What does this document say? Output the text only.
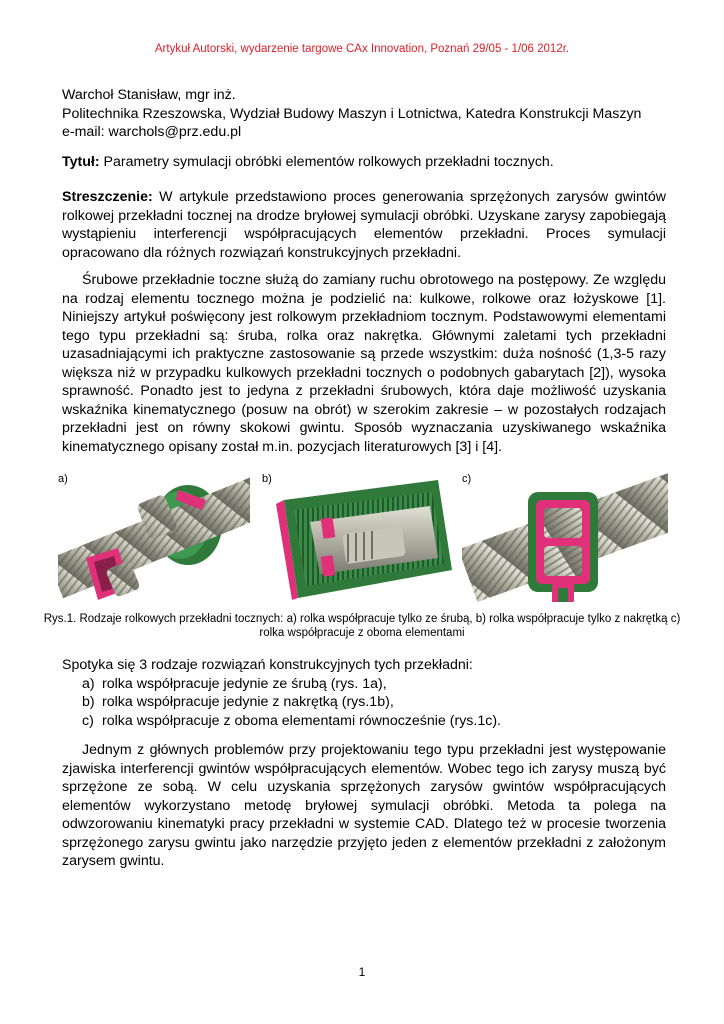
Artykuł Autorski, wydarzenie targowe CAx Innovation, Poznań 29/05 - 1/06 2012r.
Warchoł Stanisław, mgr inż.
Politechnika Rzeszowska, Wydział Budowy Maszyn i Lotnictwa, Katedra Konstrukcji Maszyn
e-mail: warchols@prz.edu.pl
Tytuł: Parametry symulacji obróbki elementów rolkowych przekładni tocznych.
Streszczenie: W artykule przedstawiono proces generowania sprzężonych zarysów gwintów rolkowej przekładni tocznej na drodze bryłowej symulacji obróbki. Uzyskane zarysy zapobiegają wystąpieniu interferencji współpracujących elementów przekładni. Proces symulacji opracowano dla różnych rozwiązań konstrukcyjnych przekładni.
Śrubowe przekładnie toczne służą do zamiany ruchu obrotowego na postępowy. Ze względu na rodzaj elementu tocznego można je podzielić na: kulkowe, rolkowe oraz łożyskowe [1]. Niniejszy artykuł poświęcony jest rolkowym przekładniom tocznym. Podstawowymi elementami tego typu przekładni są: śruba, rolka oraz nakrętka. Głównymi zaletami tych przekładni uzasadniającymi ich praktyczne zastosowanie są przede wszystkim: duża nośność (1,3-5 razy większa niż w przypadku kulkowych przekładni tocznych o podobnych gabarytach [2]), wysoka sprawność. Ponadto jest to jedyna z przekładni śrubowych, która daje możliwość uzyskania wskaźnika kinematycznego (posuw na obrót) w szerokim zakresie – w pozostałych rodzajach przekładni jest on równy skokowi gwintu. Sposób wyznaczania uzyskiwanego wskaźnika kinematycznego opisany został m.in. pozycjach literaturowych [3] i [4].
a)	b)	c)
Rys.1. Rodzaje rolkowych przekładni tocznych: a) rolka współpracuje tylko ze śrubą, b) rolka współpracuje tylko z nakrętką c) rolka współpracuje z oboma elementami
Spotyka się 3 rodzaje rozwiązań konstrukcyjnych tych przekładni:
a) rolka współpracuje jedynie ze śrubą (rys. 1a),
b) rolka współpracuje jedynie z nakrętką (rys.1b),
c) rolka współpracuje z oboma elementami równocześnie (rys.1c).
Jednym z głównych problemów przy projektowaniu tego typu przekładni jest występowanie zjawiska interferencji gwintów współpracujących elementów. Wobec tego ich zarysy muszą być sprzężone ze sobą. W celu uzyskania sprzężonych zarysów gwintów współpracujących elementów wykorzystano metodę bryłowej symulacji obróbki. Metoda ta polega na odwzorowaniu kinematyki pracy przekładni w systemie CAD. Dlatego też w procesie tworzenia sprzężonego zarysu gwintu jako narzędzie przyjęto jeden z elementów przekładni z założonym zarysem gwintu.
1
